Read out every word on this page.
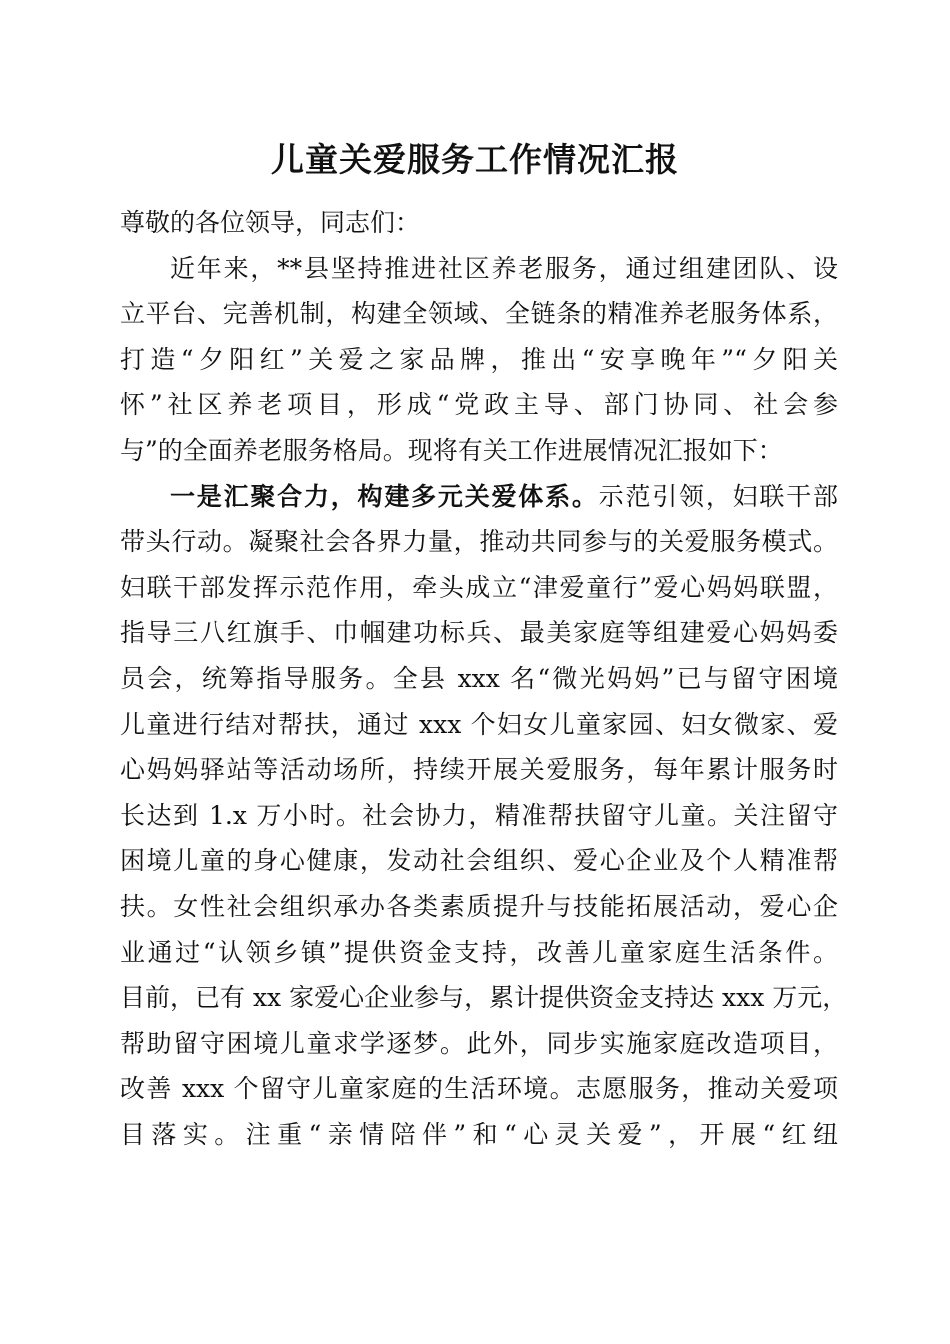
儿童关爱服务工作情况汇报
尊敬的各位领导，同志们：
近年来，**县坚持推进社区养老服务，通过组建团队、设
立平台、完善机制，构建全领域、全链条的精准养老服务体系，
打造“夕阳红”关爱之家品牌，推出“安享晚年”“夕阳关
怀”社区养老项目，形成“党政主导、部门协同、社会参
与”的全面养老服务格局。现将有关工作进展情况汇报如下：
一是汇聚合力，构建多元关爱体系。示范引领，妇联干部
带头行动。凝聚社会各界力量，推动共同参与的关爱服务模式。
妇联干部发挥示范作用，牵头成立“津爱童行”爱心妈妈联盟，
指导三八红旗手、巾帼建功标兵、最美家庭等组建爱心妈妈委
员会，统筹指导服务。全县 xxx 名“微光妈妈”已与留守困境
儿童进行结对帮扶，通过 xxx 个妇女儿童家园、妇女微家、爱
心妈妈驿站等活动场所，持续开展关爱服务，每年累计服务时
长达到 1.x 万小时。社会协力，精准帮扶留守儿童。关注留守
困境儿童的身心健康，发动社会组织、爱心企业及个人精准帮
扶。女性社会组织承办各类素质提升与技能拓展活动，爱心企
业通过“认领乡镇”提供资金支持，改善儿童家庭生活条件。
目前，已有 xx 家爱心企业参与，累计提供资金支持达 xxx 万元，
帮助留守困境儿童求学逐梦。此外，同步实施家庭改造项目，
改善 xxx 个留守儿童家庭的生活环境。志愿服务，推动关爱项
目落实。注重“亲情陪伴”和“心灵关爱”，开展“红纽
